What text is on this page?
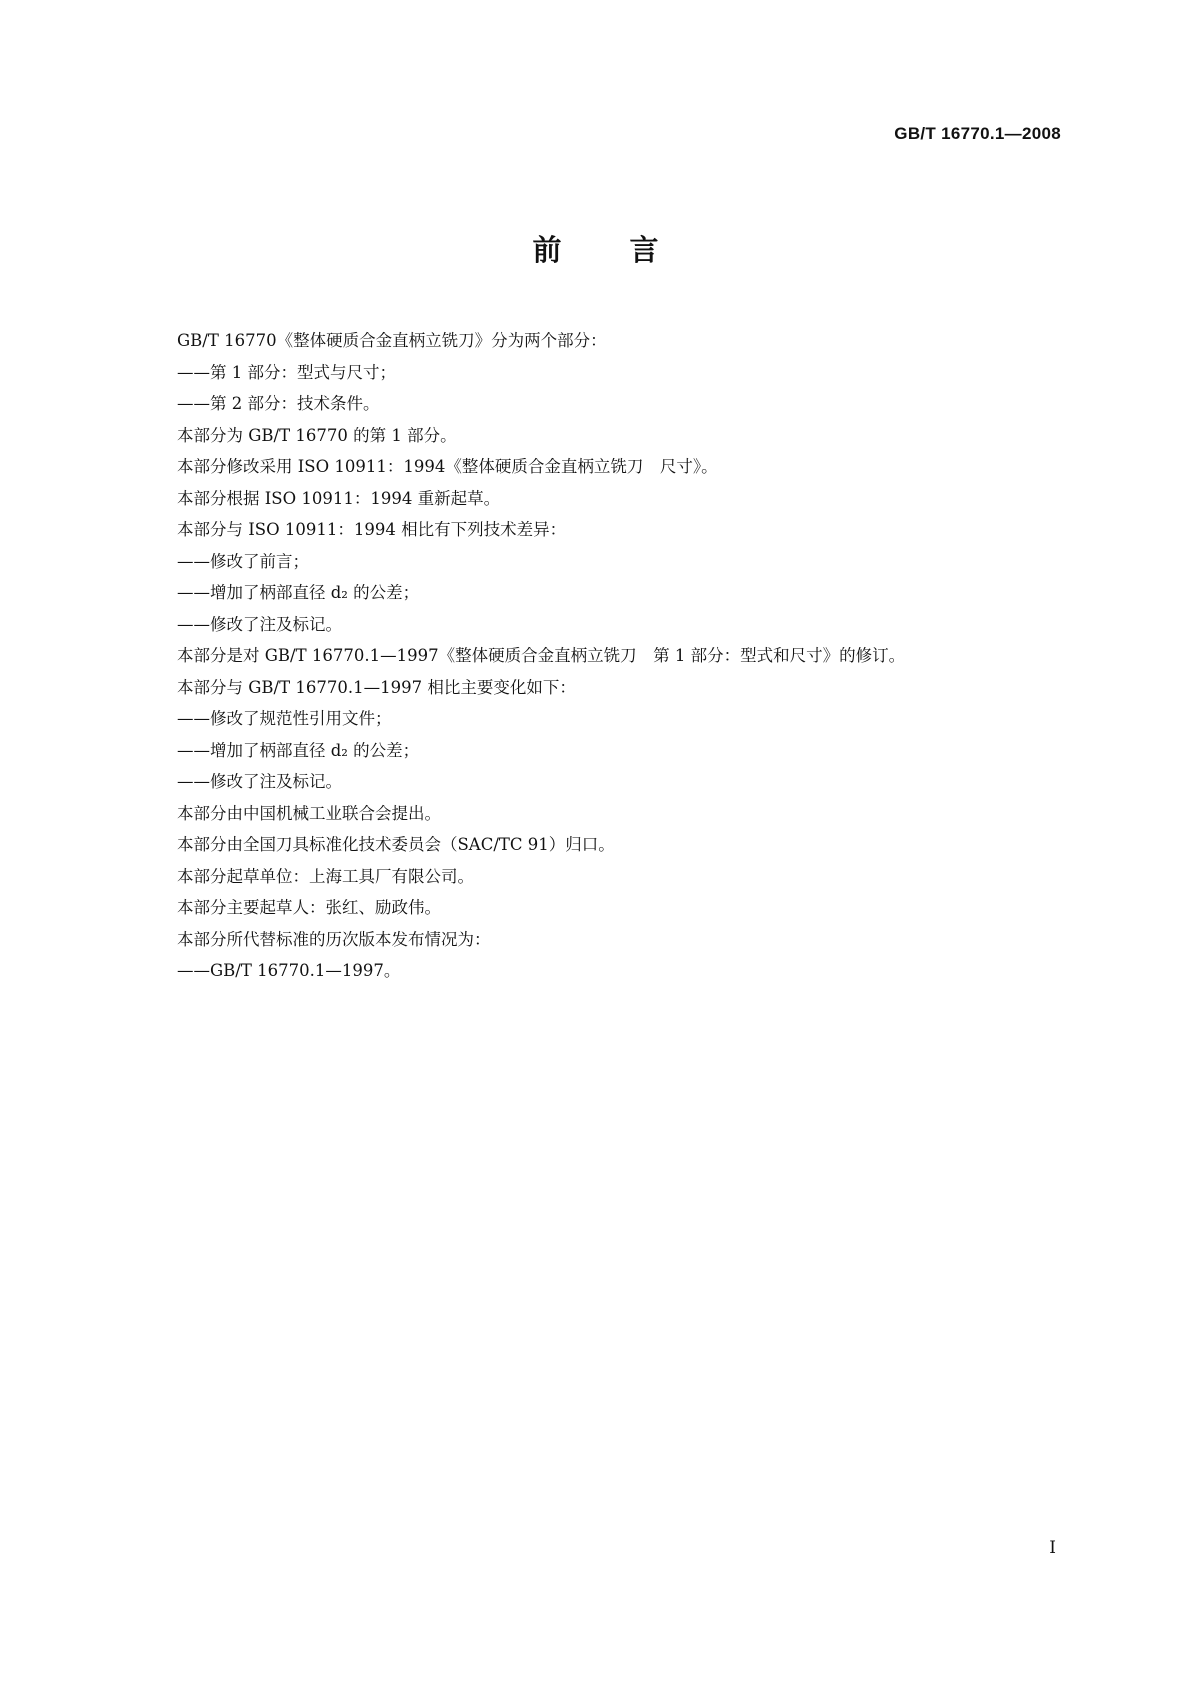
GB/T 16770.1—2008
前言
GB/T 16770《整体硬质合金直柄立铣刀》分为两个部分：
——第 1 部分：型式与尺寸；
——第 2 部分：技术条件。
本部分为 GB/T 16770 的第 1 部分。
本部分修改采用 ISO 10911：1994《整体硬质合金直柄立铣刀　尺寸》。
本部分根据 ISO 10911：1994 重新起草。
本部分与 ISO 10911：1994 相比有下列技术差异：
——修改了前言；
——增加了柄部直径 d₂ 的公差；
——修改了注及标记。
本部分是对 GB/T 16770.1—1997《整体硬质合金直柄立铣刀　第 1 部分：型式和尺寸》的修订。
本部分与 GB/T 16770.1—1997 相比主要变化如下：
——修改了规范性引用文件；
——增加了柄部直径 d₂ 的公差；
——修改了注及标记。
本部分由中国机械工业联合会提出。
本部分由全国刀具标准化技术委员会（SAC/TC 91）归口。
本部分起草单位：上海工具厂有限公司。
本部分主要起草人：张红、励政伟。
本部分所代替标准的历次版本发布情况为：
——GB/T 16770.1—1997。
I
